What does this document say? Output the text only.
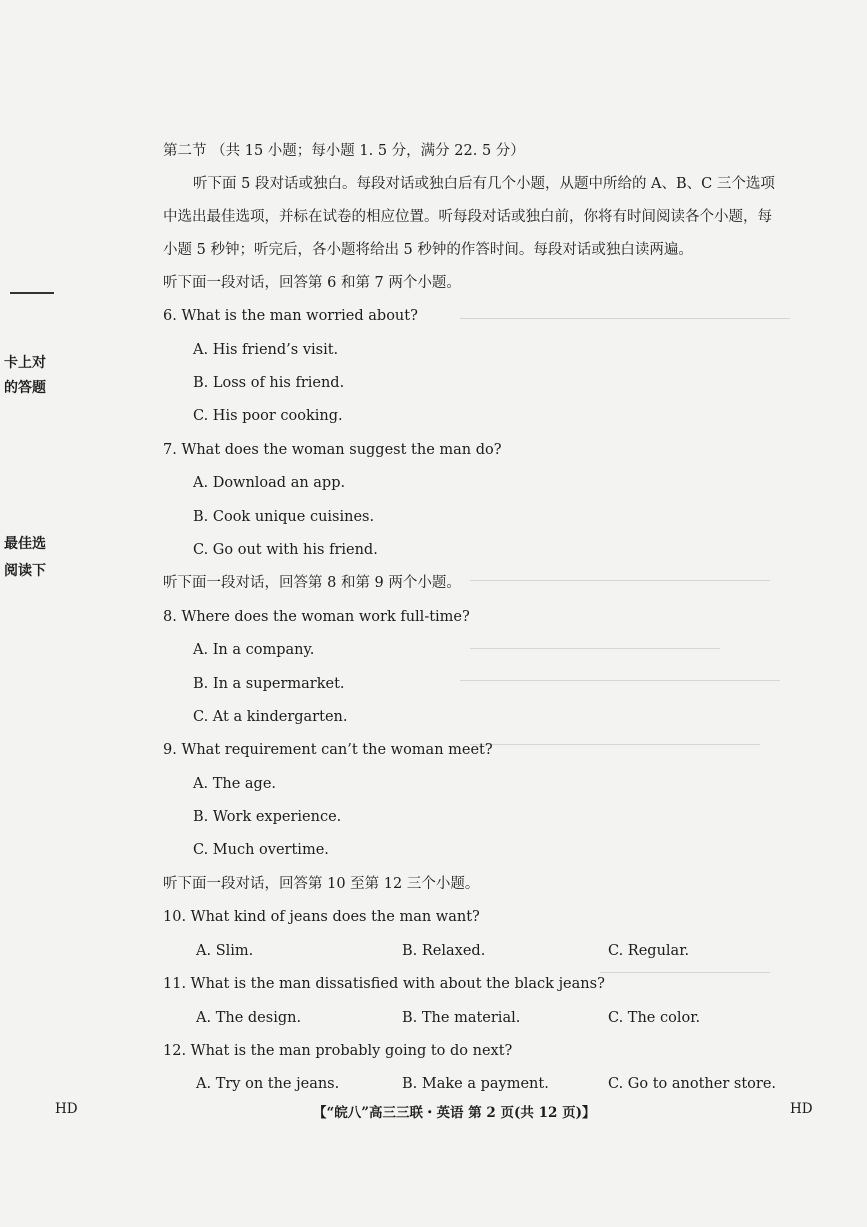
卡上对
的答题
最佳选
阅读下
第二节 （共 15 小题；每小题 1. 5 分，满分 22. 5 分）
听下面 5 段对话或独白。每段对话或独白后有几个小题，从题中所给的 A、B、C 三个选项
中选出最佳选项，并标在试卷的相应位置。听每段对话或独白前，你将有时间阅读各个小题，每
小题 5 秒钟；听完后，各小题将给出 5 秒钟的作答时间。每段对话或独白读两遍。
听下面一段对话，回答第 6 和第 7 两个小题。
6. What is the man worried about?
A. His friend’s visit.
B. Loss of his friend.
C. His poor cooking.
7. What does the woman suggest the man do?
A. Download an app.
B. Cook unique cuisines.
C. Go out with his friend.
听下面一段对话，回答第 8 和第 9 两个小题。
8. Where does the woman work full-time?
A. In a company.
B. In a supermarket.
C. At a kindergarten.
9. What requirement can’t the woman meet?
A. The age.
B. Work experience.
C. Much overtime.
听下面一段对话，回答第 10 至第 12 三个小题。
10. What kind of jeans does the man want?
A. Slim.	B. Relaxed.	C. Regular.
11. What is the man dissatisfied with about the black jeans?
A. The design.	B. The material.	C. The color.
12. What is the man probably going to do next?
A. Try on the jeans.	B. Make a payment.	C. Go to another store.
HD	【“皖八”高三三联・英语 第 2 页(共 12 页)】	HD
